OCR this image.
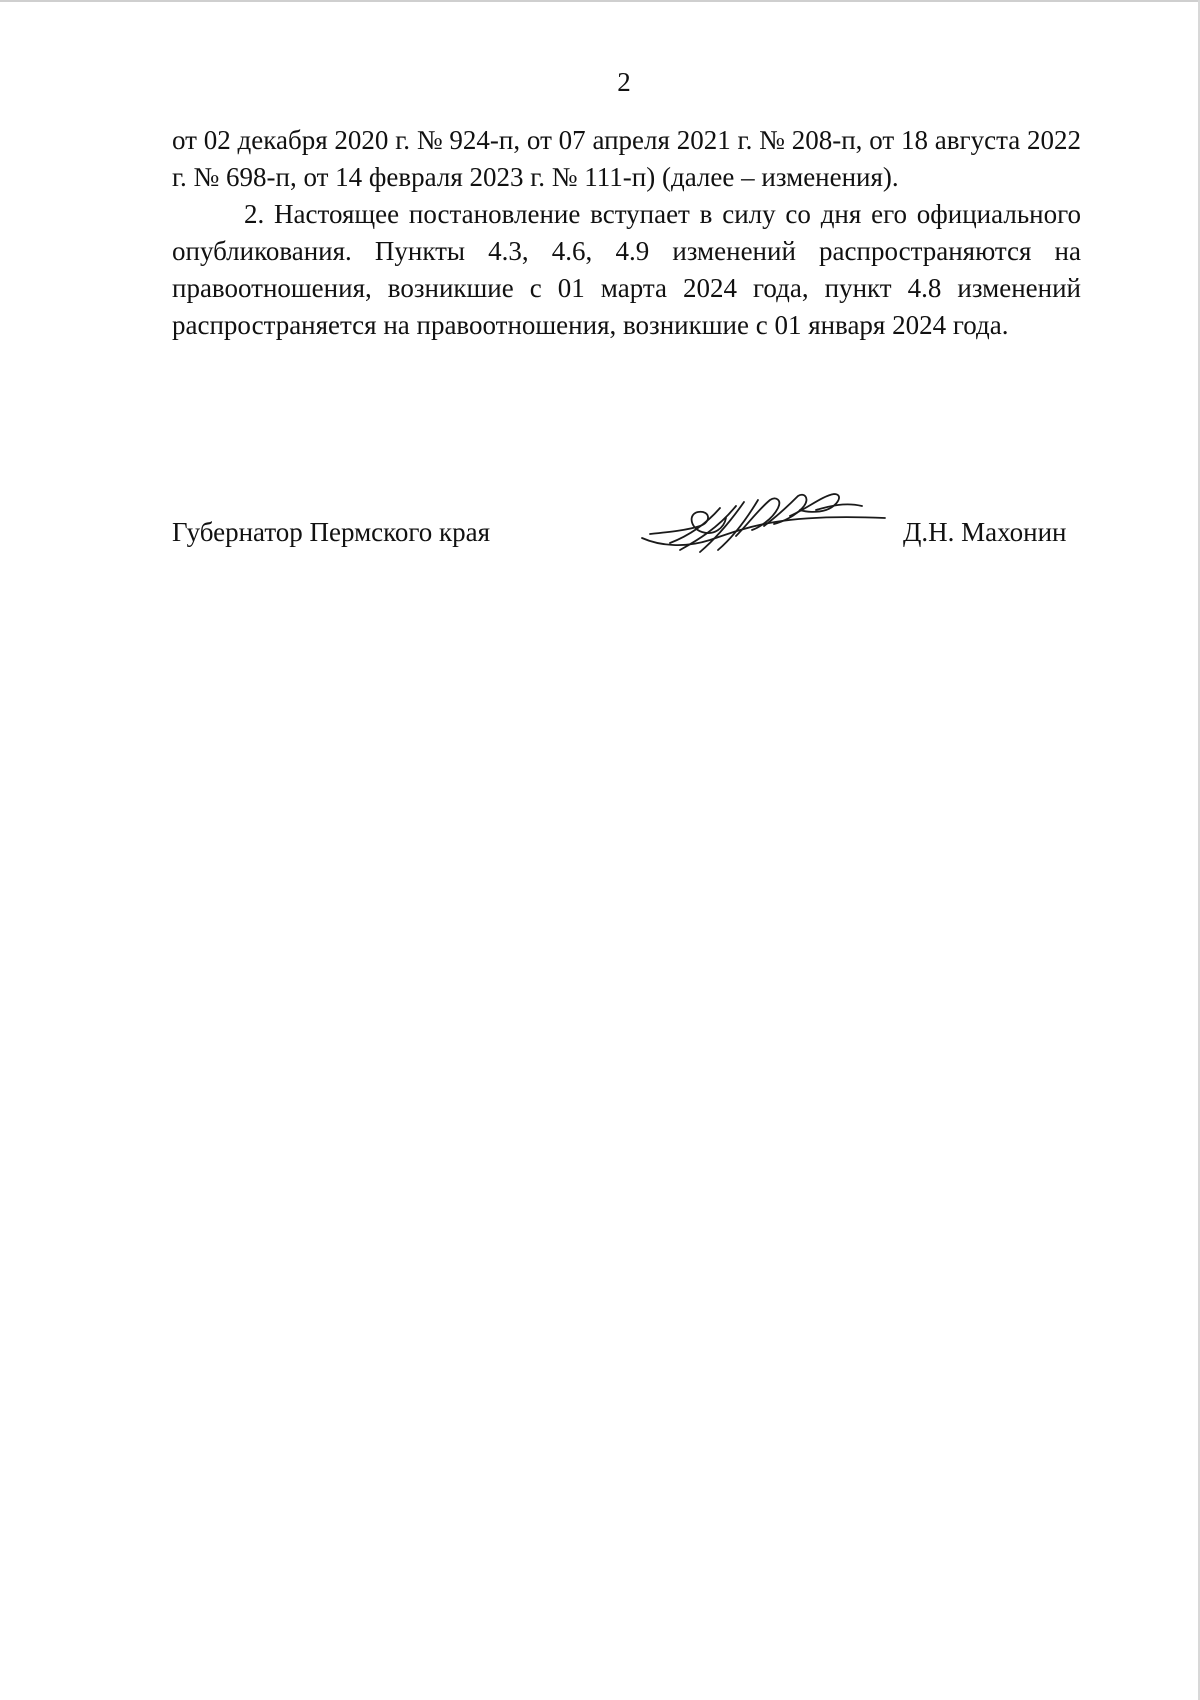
2

от 02 декабря 2020 г. № 924-п, от 07 апреля 2021 г. № 208-п, от 18 августа 2022 г. № 698-п, от 14 февраля 2023 г. № 111-п) (далее – изменения).

2. Настоящее постановление вступает в силу со дня его официального опубликования. Пункты 4.3, 4.6, 4.9 изменений распространяются на правоотношения, возникшие с 01 марта 2024 года, пункт 4.8 изменений распространяется на правоотношения, возникшие с 01 января 2024 года.

Губернатор Пермского края	Д.Н. Махонин
